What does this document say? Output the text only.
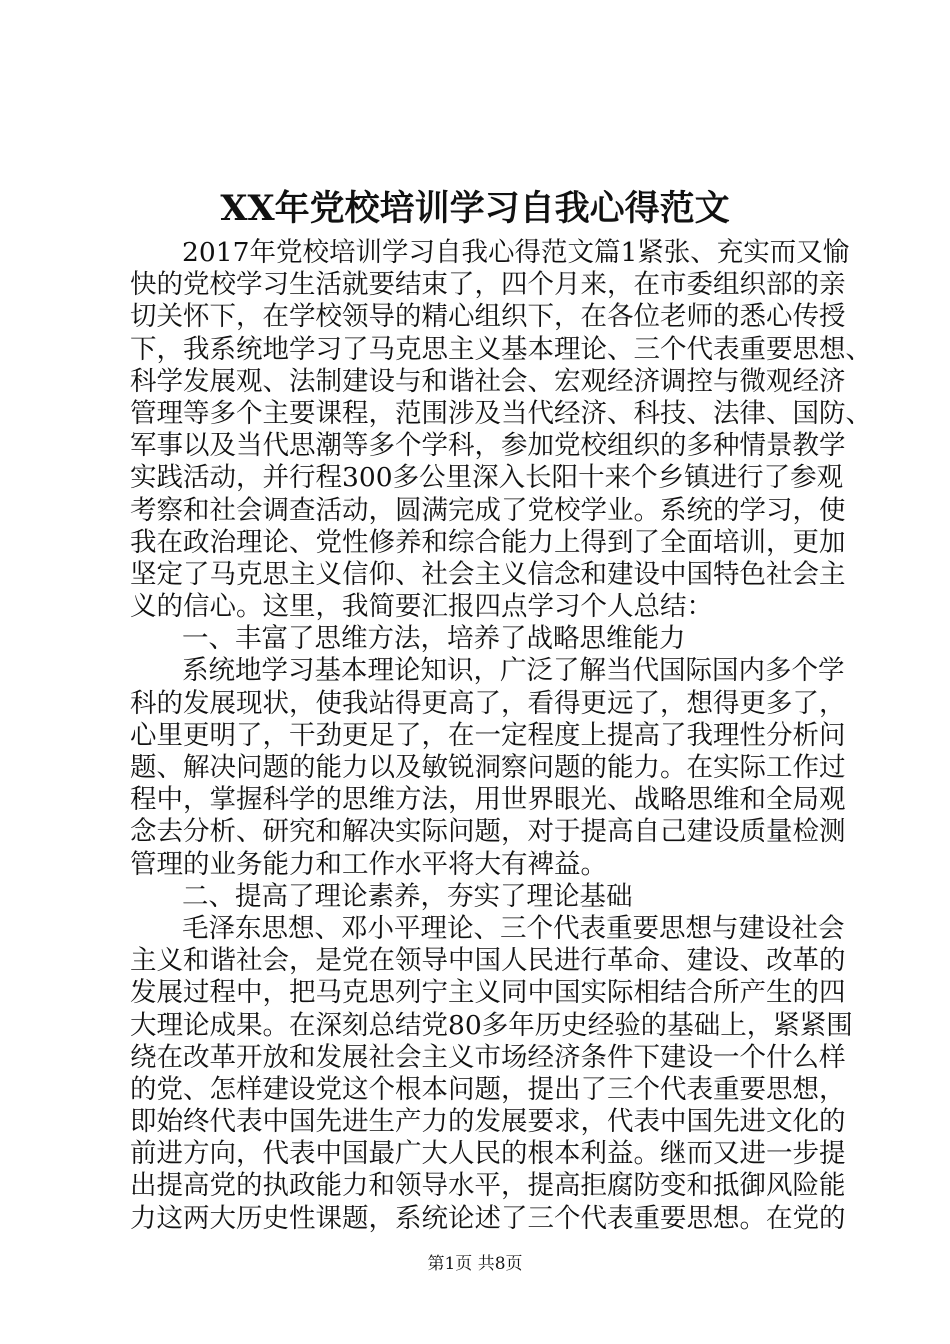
XX年党校培训学习自我心得范文
2017年党校培训学习自我心得范文篇1紧张、充实而又愉
快的党校学习生活就要结束了，四个月来，在市委组织部的亲
切关怀下，在学校领导的精心组织下，在各位老师的悉心传授
下，我系统地学习了马克思主义基本理论、三个代表重要思想、
科学发展观、法制建设与和谐社会、宏观经济调控与微观经济
管理等多个主要课程，范围涉及当代经济、科技、法律、国防、
军事以及当代思潮等多个学科，参加党校组织的多种情景教学
实践活动，并行程300多公里深入长阳十来个乡镇进行了参观
考察和社会调查活动，圆满完成了党校学业。系统的学习，使
我在政治理论、党性修养和综合能力上得到了全面培训，更加
坚定了马克思主义信仰、社会主义信念和建设中国特色社会主
义的信心。这里，我简要汇报四点学习个人总结：
一、丰富了思维方法，培养了战略思维能力
系统地学习基本理论知识，广泛了解当代国际国内多个学
科的发展现状，使我站得更高了，看得更远了，想得更多了，
心里更明了，干劲更足了，在一定程度上提高了我理性分析问
题、解决问题的能力以及敏锐洞察问题的能力。在实际工作过
程中，掌握科学的思维方法，用世界眼光、战略思维和全局观
念去分析、研究和解决实际问题，对于提高自己建设质量检测
管理的业务能力和工作水平将大有裨益。
二、提高了理论素养，夯实了理论基础
毛泽东思想、邓小平理论、三个代表重要思想与建设社会
主义和谐社会，是党在领导中国人民进行革命、建设、改革的
发展过程中，把马克思列宁主义同中国实际相结合所产生的四
大理论成果。在深刻总结党80多年历史经验的基础上，紧紧围
绕在改革开放和发展社会主义市场经济条件下建设一个什么样
的党、怎样建设党这个根本问题，提出了三个代表重要思想，
即始终代表中国先进生产力的发展要求，代表中国先进文化的
前进方向，代表中国最广大人民的根本利益。继而又进一步提
出提高党的执政能力和领导水平，提高拒腐防变和抵御风险能
力这两大历史性课题，系统论述了三个代表重要思想。在党的
第1页 共8页
